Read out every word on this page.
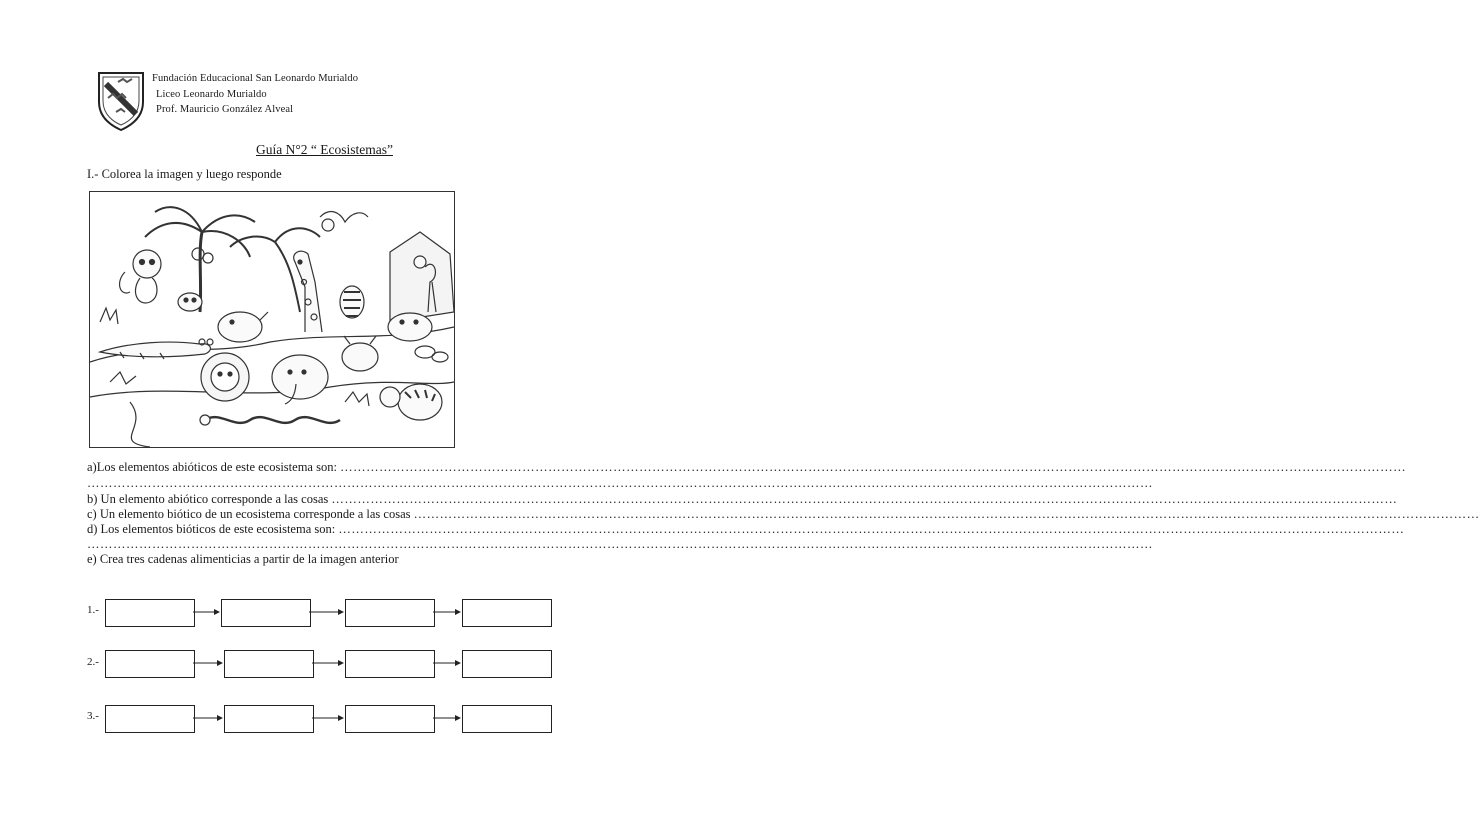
Fundación Educacional San Leonardo Murialdo
Liceo Leonardo Murialdo
Prof. Mauricio González Alveal
Guía N°2 “ Ecosistemas”
I.- Colorea la imagen y luego responde
a)Los elementos abióticos de este ecosistema son: …………………………………………………………………………………………………………………………………………………………………………………………………………………………
…………………………………………………………………………………………………………………………………………………………………………………………………………………………
b) Un elemento abiótico corresponde a las cosas …………………………………………………………………………………………………………………………………………………………………………………………………………………………
c) Un elemento biótico de un ecosistema corresponde a las cosas …………………………………………………………………………………………………………………………………………………………………………………………………………………………
d) Los elementos bióticos de este ecosistema son: …………………………………………………………………………………………………………………………………………………………………………………………………………………………
…………………………………………………………………………………………………………………………………………………………………………………………………………………………
e) Crea tres cadenas alimenticias a partir de la imagen anterior
1.-
2.-
3.-
